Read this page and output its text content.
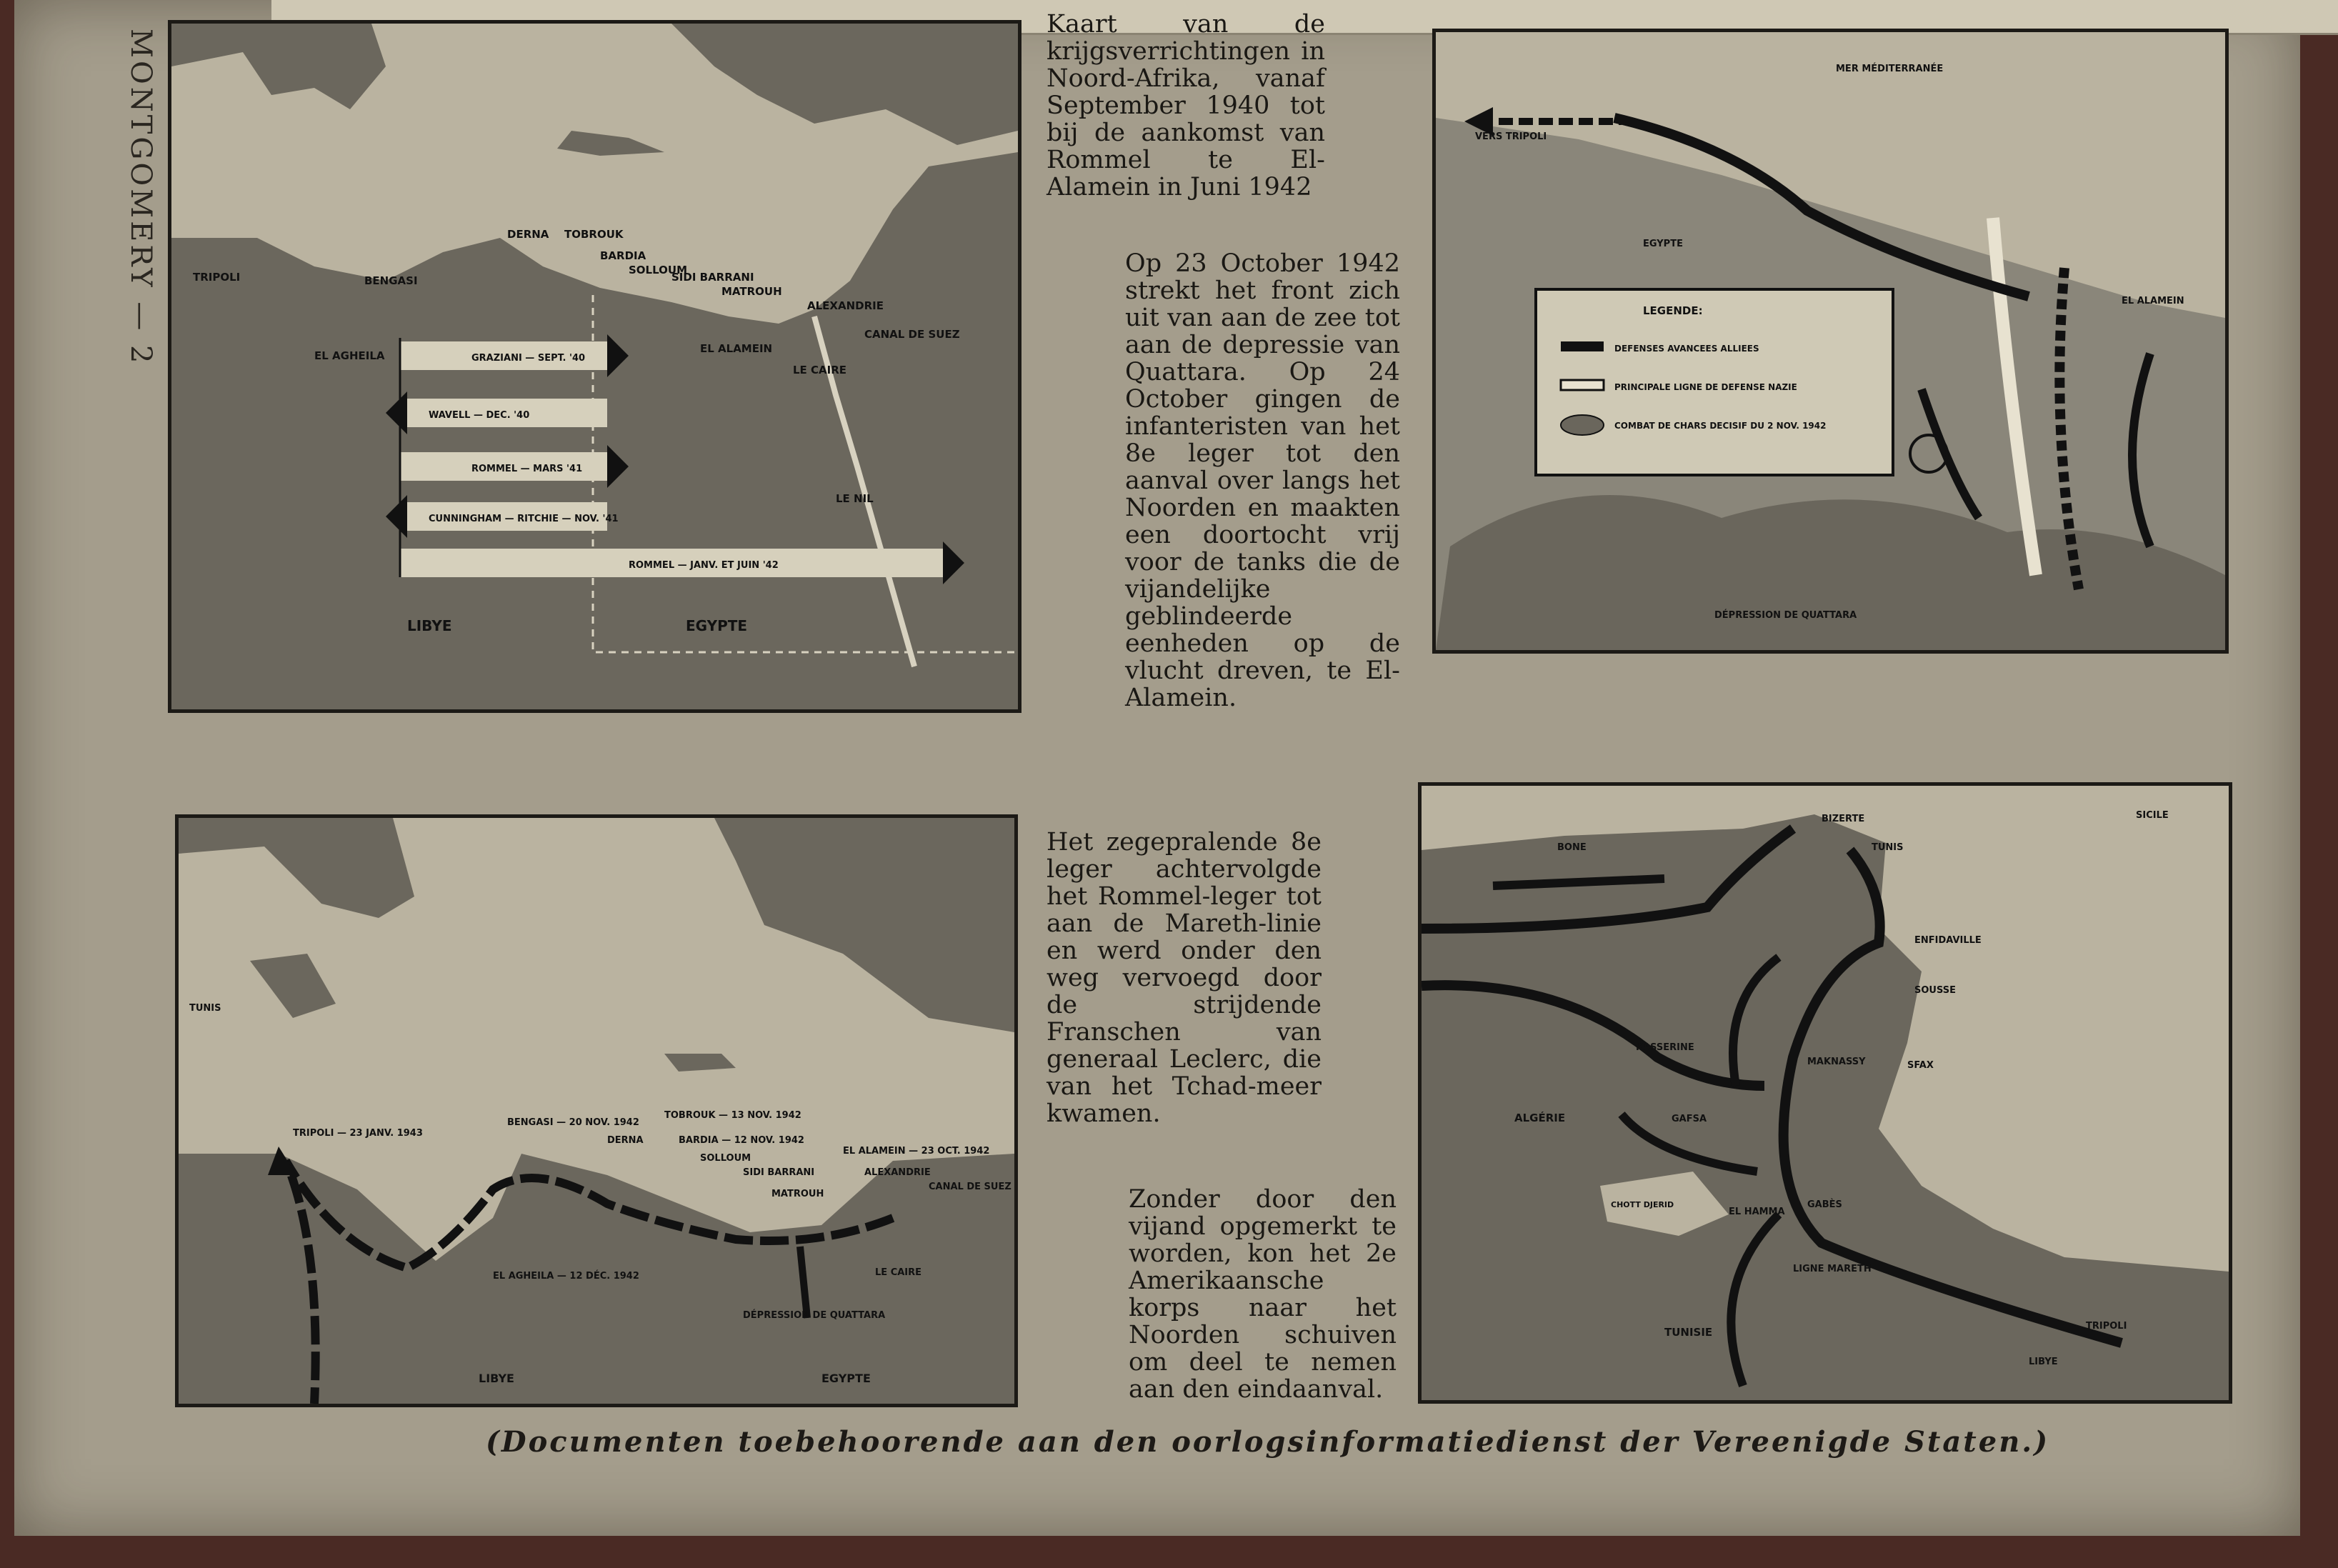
MONTGOMERY — 2	TRIPOLI	BENGASI
DERNA TOBROUK
BARDIA
SOLLOUM
SIDI BARRANI
MATROUH
ALEXANDRIE
CANAL DE SUEZ
EL AGHEILA
EL ALAMEIN
LE CAIRE
LE NIL
LIBYE	EGYPTE
GRAZIANI — SEPT. '40
WAVELL — DEC. '40
ROMMEL — MARS '41
CUNNINGHAM — RITCHIE — NOV. '41
ROMMEL — JANV. ET JUIN '42
MER MÉDITERRANÉE
VERS TRIPOLI
EGYPTE
EL ALAMEIN
DÉPRESSION DE QUATTARA
LEGENDE:
DEFENSES AVANCEES ALLIEES
PRINCIPALE LIGNE DE DEFENSE NAZIE
COMBAT DE CHARS DECISIF DU 2 NOV. 1942
TUNIS
TRIPOLI — 23 JANV. 1943
BENGASI — 20 NOV. 1942
DERNA
TOBROUK — 13 NOV. 1942
BARDIA — 12 NOV. 1942
SOLLOUM
SIDI BARRANI
MATROUH
EL ALAMEIN — 23 OCT. 1942
ALEXANDRIE
CANAL DE SUEZ
EL AGHEILA — 12 DÉC. 1942	LE CAIRE
DÉPRESSION DE QUATTARA
LIBYE	EGYPTE
SICILE
BIZERTE
TUNIS
BONE
ENFIDAVILLE
SOUSSE
KASSERINE
MAKNASSY	SFAX
ALGÉRIE	GAFSA
CHOTT DJERID
EL HAMMA
GABÈS
LIGNE MARETH
TUNISIE	TRIPOLI
LIBYE

Kaart van de krijgsverrichtingen in Noord-Afrika, vanaf September 1940 tot bij de aankomst van Rommel te El-Alamein in Juni 1942

Op 23 October 1942 strekt het front zich uit van aan de zee tot aan de depressie van Quattara. Op 24 October gingen de infanteristen van het 8e leger tot den aanval over langs het Noorden en maakten een doortocht vrij voor de tanks die de vijandelijke geblindeerde eenheden op de vlucht dreven, te El-Alamein.

Het zegepralende 8e leger achtervolgde het Rommel-leger tot aan de Mareth-linie en werd onder den weg vervoegd door de strijdende Franschen van generaal Leclerc, die van het Tchad-meer kwamen.

Zonder door den vijand opgemerkt te worden, kon het 2e Amerikaansche korps naar het Noorden schuiven om deel te nemen aan den eindaanval.

(Documenten toebehoorende aan den oorlogsinformatiedienst der Vereenigde Staten.)
